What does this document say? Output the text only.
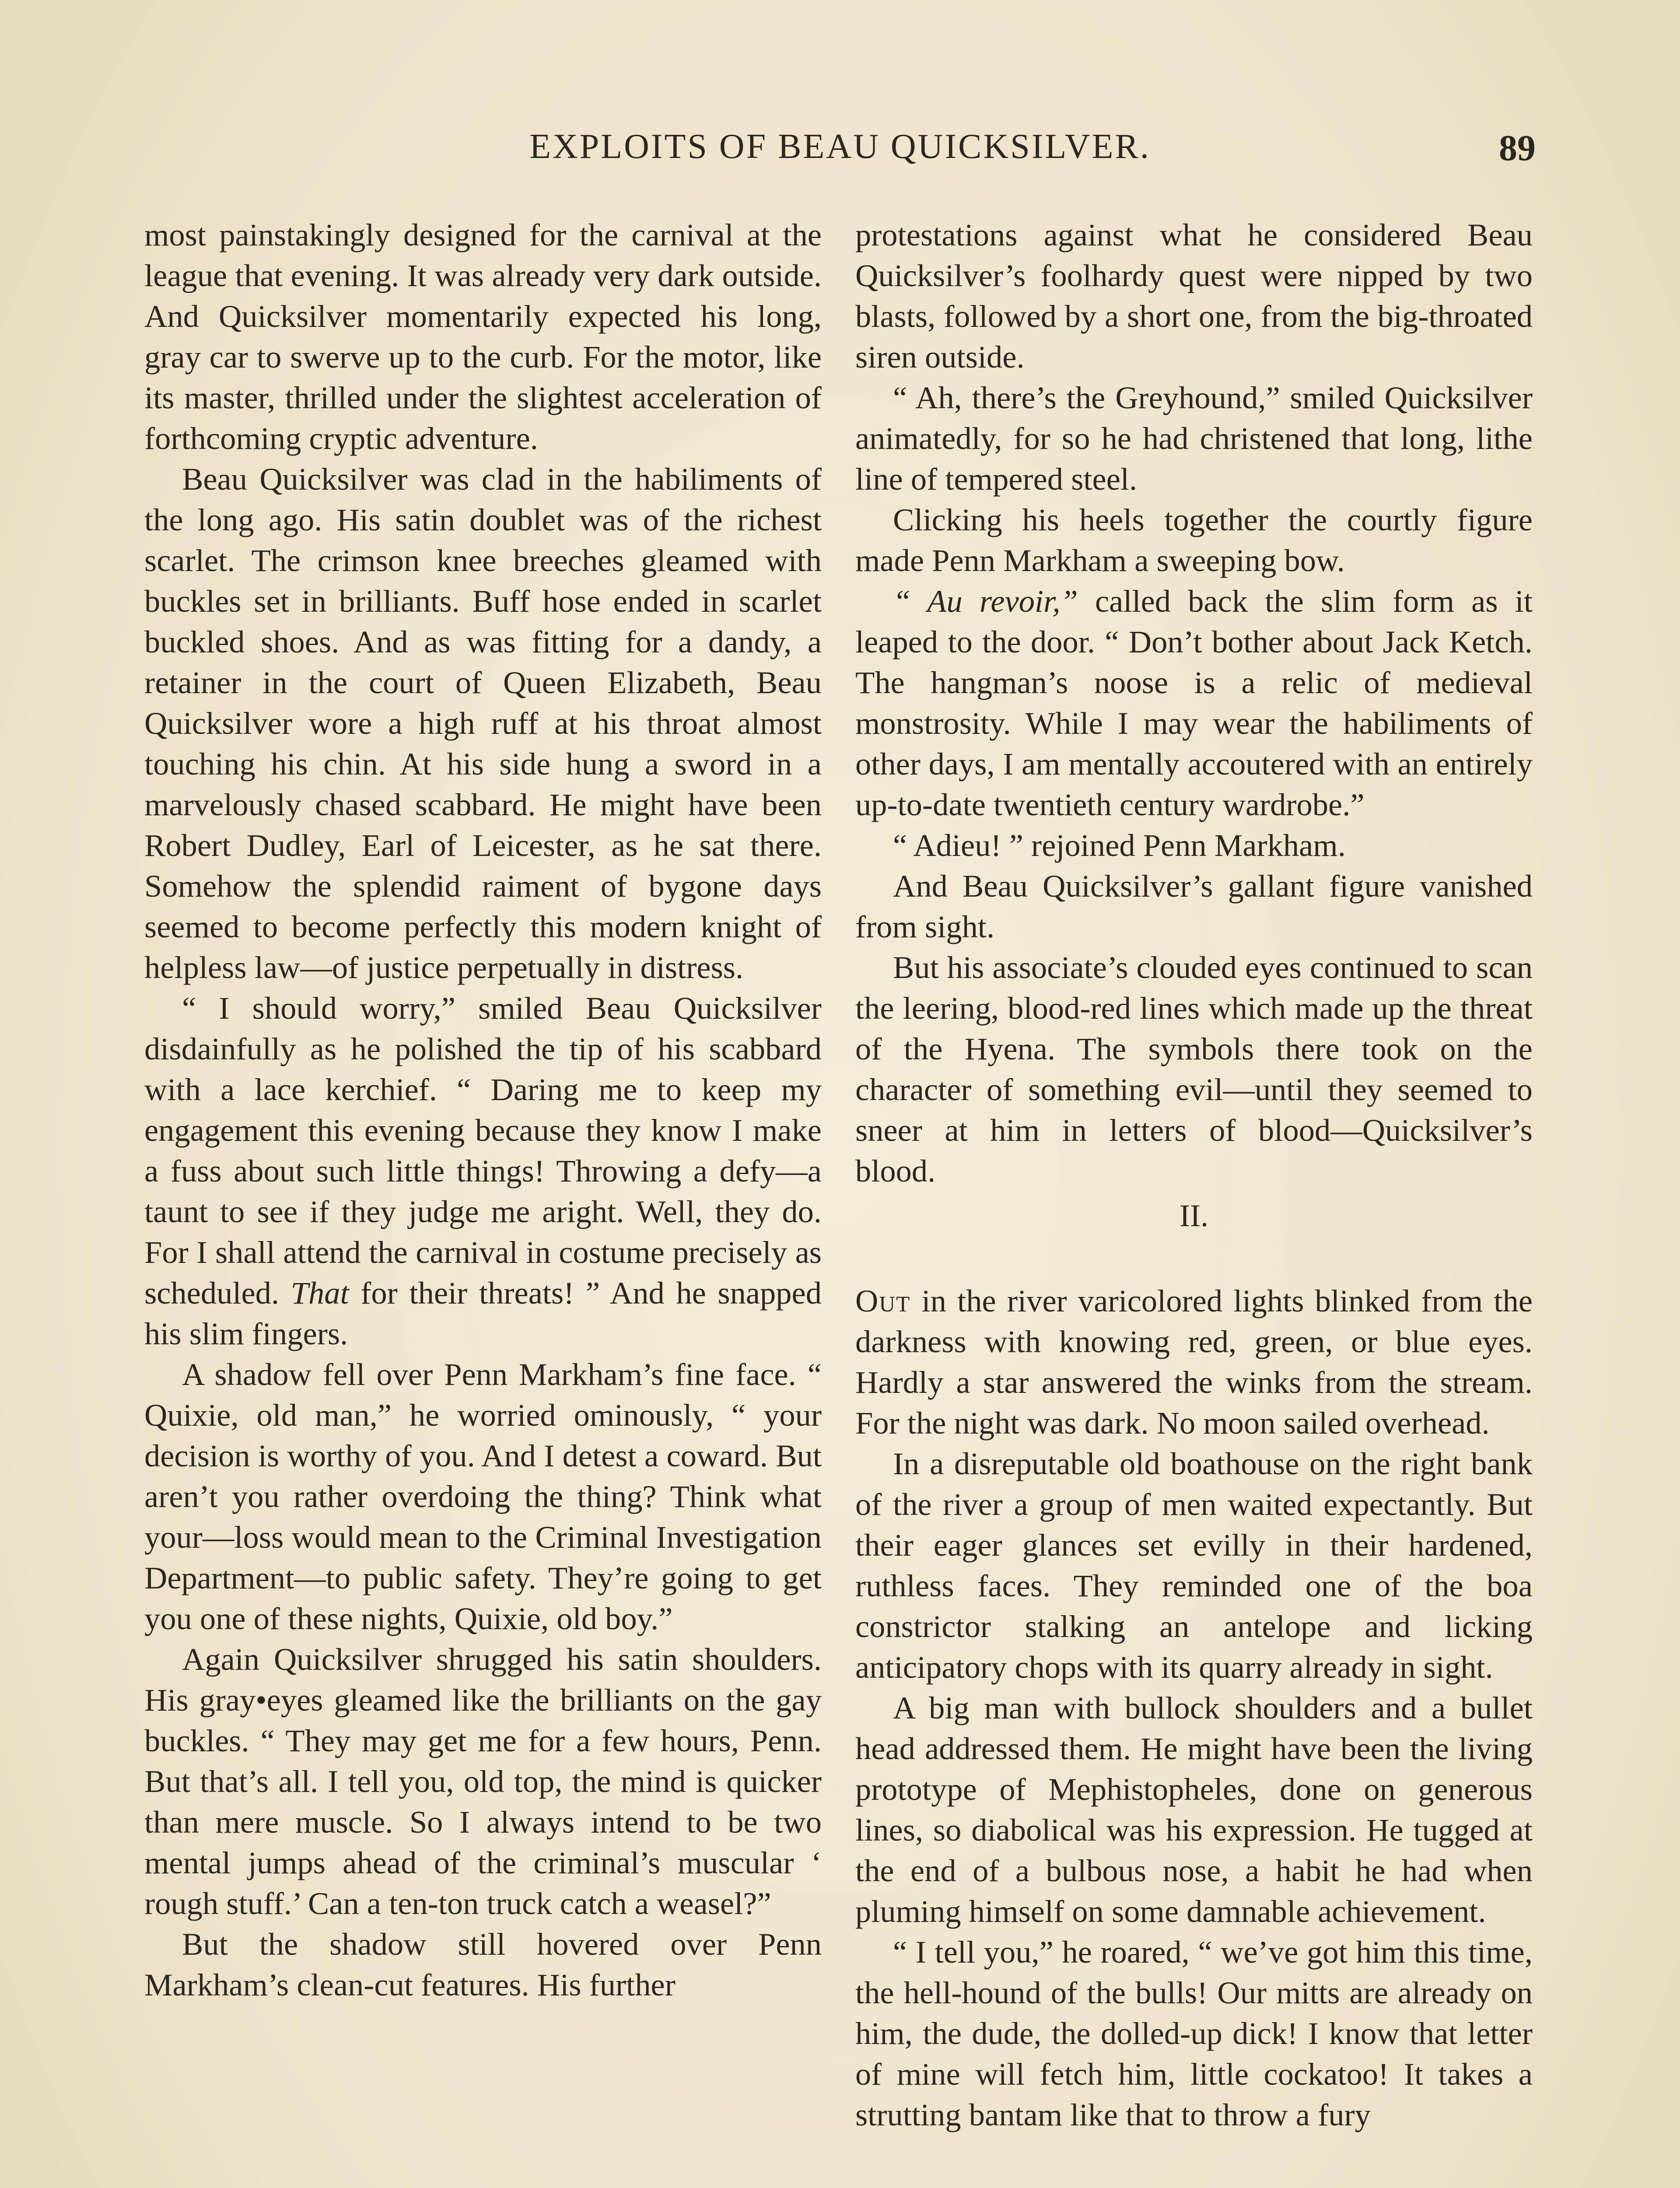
EXPLOITS OF BEAU QUICKSILVER.	89

most painstakingly designed for the carnival at the league that evening. It was already very dark outside. And Quicksilver momentarily expected his long, gray car to swerve up to the curb. For the motor, like its master, thrilled under the slightest acceleration of forthcoming cryptic adventure.

Beau Quicksilver was clad in the habiliments of the long ago. His satin doublet was of the richest scarlet. The crimson knee breeches gleamed with buckles set in brilliants. Buff hose ended in scarlet buckled shoes. And as was fitting for a dandy, a retainer in the court of Queen Elizabeth, Beau Quicksilver wore a high ruff at his throat almost touching his chin. At his side hung a sword in a marvelously chased scabbard. He might have been Robert Dudley, Earl of Leicester, as he sat there. Somehow the splendid raiment of bygone days seemed to become perfectly this modern knight of helpless law—of justice perpetually in distress.

“ I should worry,” smiled Beau Quicksilver disdainfully as he polished the tip of his scabbard with a lace kerchief. “ Daring me to keep my engagement this evening because they know I make a fuss about such little things! Throwing a defy—a taunt to see if they judge me aright. Well, they do. For I shall attend the carnival in costume precisely as scheduled. That for their threats! ” And he snapped his slim fingers.

A shadow fell over Penn Markham’s fine face. “ Quixie, old man,” he worried ominously, “ your decision is worthy of you. And I detest a coward. But aren’t you rather overdoing the thing? Think what your—loss would mean to the Criminal Investigation Department—to public safety. They’re going to get you one of these nights, Quixie, old boy.”

Again Quicksilver shrugged his satin shoulders. His gray•eyes gleamed like the brilliants on the gay buckles. “ They may get me for a few hours, Penn. But that’s all. I tell you, old top, the mind is quicker than mere muscle. So I always intend to be two mental jumps ahead of the criminal’s muscular ‘ rough stuff.’ Can a ten-ton truck catch a weasel?”

But the shadow still hovered over Penn Markham’s clean-cut features. His further

protestations against what he considered Beau Quicksilver’s foolhardy quest were nipped by two blasts, followed by a short one, from the big-throated siren outside.

“ Ah, there’s the Greyhound,” smiled Quicksilver animatedly, for so he had christened that long, lithe line of tempered steel.

Clicking his heels together the courtly figure made Penn Markham a sweeping bow.

“ Au revoir,” called back the slim form as it leaped to the door. “ Don’t bother about Jack Ketch. The hangman’s noose is a relic of medieval monstrosity. While I may wear the habiliments of other days, I am mentally accoutered with an entirely up-to-date twentieth century wardrobe.”

“ Adieu! ” rejoined Penn Markham.

And Beau Quicksilver’s gallant figure vanished from sight.

But his associate’s clouded eyes continued to scan the leering, blood-red lines which made up the threat of the Hyena. The symbols there took on the character of something evil—until they seemed to sneer at him in letters of blood—Quicksilver’s blood.

II.

Out in the river varicolored lights blinked from the darkness with knowing red, green, or blue eyes. Hardly a star answered the winks from the stream. For the night was dark. No moon sailed overhead.

In a disreputable old boathouse on the right bank of the river a group of men waited expectantly. But their eager glances set evilly in their hardened, ruthless faces. They reminded one of the boa constrictor stalking an antelope and licking anticipatory chops with its quarry already in sight.

A big man with bullock shoulders and a bullet head addressed them. He might have been the living prototype of Mephistopheles, done on generous lines, so diabolical was his expression. He tugged at the end of a bulbous nose, a habit he had when pluming himself on some damnable achievement.

“ I tell you,” he roared, “ we’ve got him this time, the hell-hound of the bulls! Our mitts are already on him, the dude, the dolled-up dick! I know that letter of mine will fetch him, little cockatoo! It takes a strutting bantam like that to throw a fury
